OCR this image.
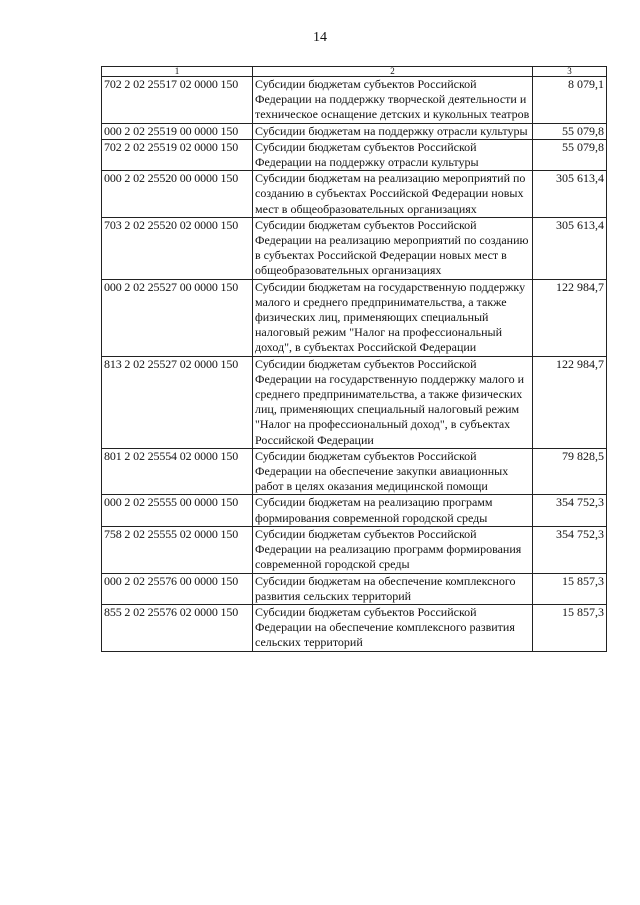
14
1	2	3
702 2 02 25517 02 0000 150	Субсидии бюджетам субъектов Российской Федерации на поддержку творческой деятельности и техническое оснащение детских и кукольных театров	8 079,1
000 2 02 25519 00 0000 150	Субсидии бюджетам на поддержку отрасли культуры	55 079,8
702 2 02 25519 02 0000 150	Субсидии бюджетам субъектов Российской Федерации на поддержку отрасли культуры	55 079,8
000 2 02 25520 00 0000 150	Субсидии бюджетам на реализацию мероприятий по созданию в субъектах Российской Федерации новых мест в общеобразовательных организациях	305 613,4
703 2 02 25520 02 0000 150	Субсидии бюджетам субъектов Российской Федерации на реализацию мероприятий по созданию в субъектах Российской Федерации новых мест в общеобразовательных организациях	305 613,4
000 2 02 25527 00 0000 150	Субсидии бюджетам на государственную поддержку малого и среднего предпринимательства, а также физических лиц, применяющих специальный налоговый режим "Налог на профессиональный доход", в субъектах Российской Федерации	122 984,7
813 2 02 25527 02 0000 150	Субсидии бюджетам субъектов Российской Федерации на государственную поддержку малого и среднего предпринимательства, а также физических лиц, применяющих специальный налоговый режим "Налог на профессиональный доход", в субъектах Российской Федерации	122 984,7
801 2 02 25554 02 0000 150	Субсидии бюджетам субъектов Российской Федерации на обеспечение закупки авиационных работ в целях оказания медицинской помощи	79 828,5
000 2 02 25555 00 0000 150	Субсидии бюджетам на реализацию программ формирования современной городской среды	354 752,3
758 2 02 25555 02 0000 150	Субсидии бюджетам субъектов Российской Федерации на реализацию программ формирования современной городской среды	354 752,3
000 2 02 25576 00 0000 150	Субсидии бюджетам на обеспечение комплексного развития сельских территорий	15 857,3
855 2 02 25576 02 0000 150	Субсидии бюджетам субъектов Российской Федерации на обеспечение комплексного развития сельских территорий	15 857,3
